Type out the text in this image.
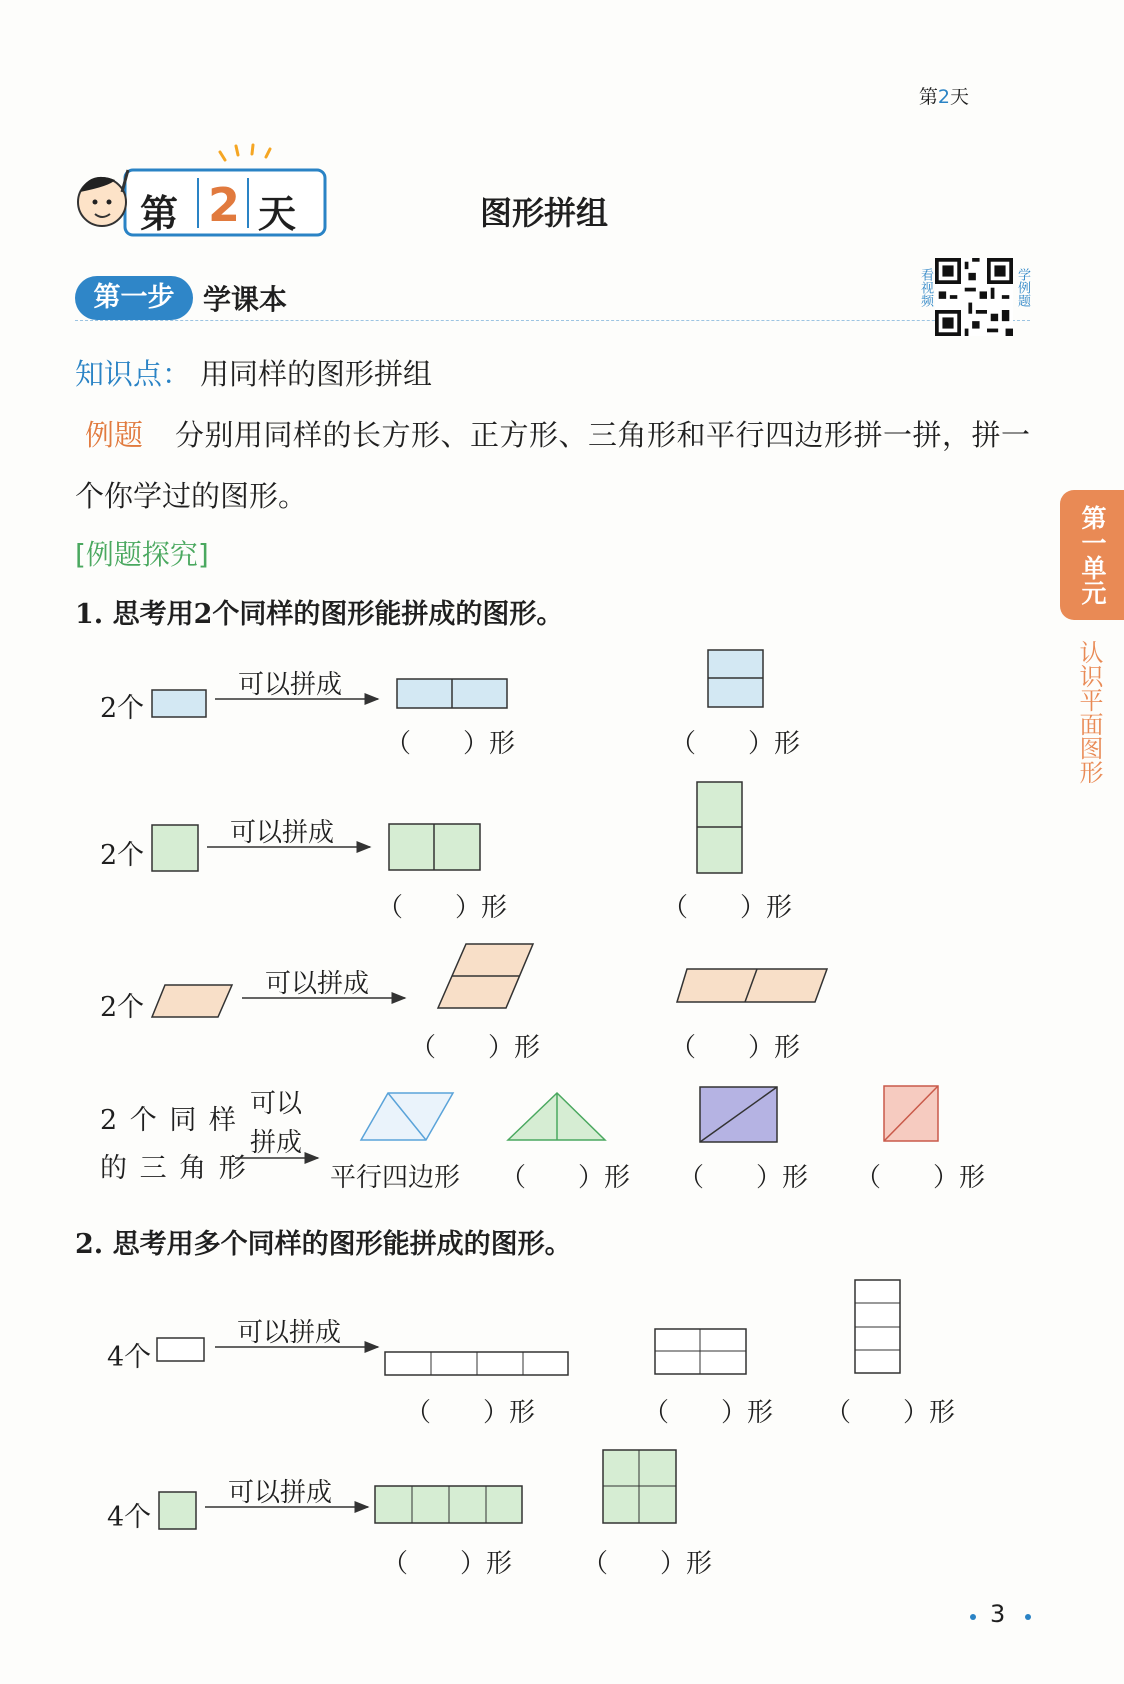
第2天
第 2 天	图形拼组
第一步	学课本	看视频	学例题
知识点： 用同样的图形拼组
例题 分别用同样的长方形、正方形、三角形和平行四边形拼一拼，拼一
个你学过的图形。
[例题探究]
1. 思考用2个同样的图形能拼成的图形。
2个
可以拼成
（　　）形	（　　）形
2个
可以拼成
（　　）形	（　　）形
2个
可以拼成
（　　）形	（　　）形
2 个 同 样
的 三 角 形
可以
拼成
平行四边形 （　　）形 （　　）形 （　　）形
2. 思考用多个同样的图形能拼成的图形。
4个
可以拼成
（　　）形	（　　）形 （　　）形
4个
可以拼成
（　　）形	（　　）形
第一单元
认识平面图形
3
